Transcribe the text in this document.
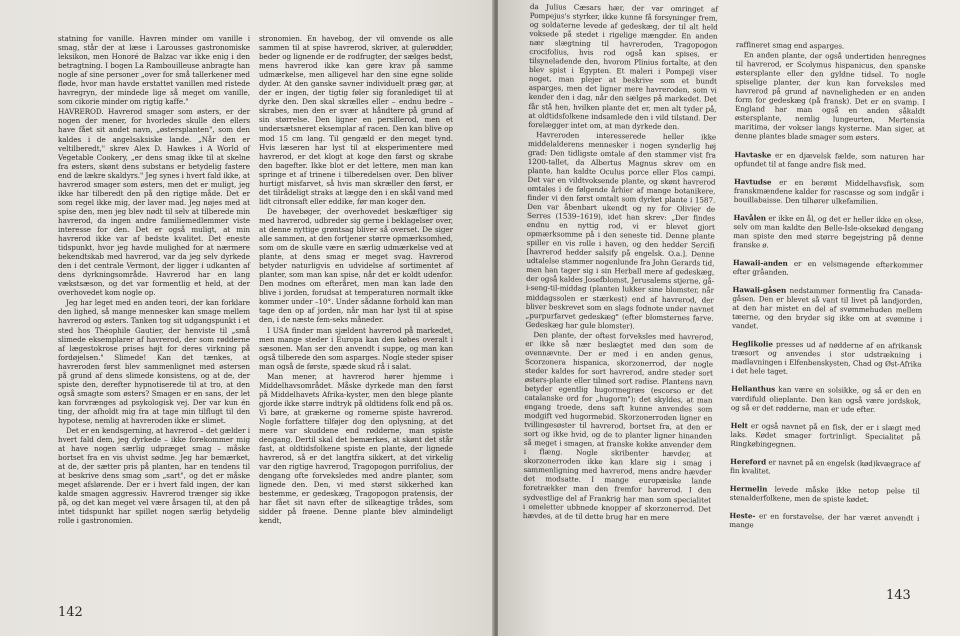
statning for vanille. Havren minder om vanille i smag, står der at læse i Larousses gastronomiske leksikon, men Honoré de Balzac var ikke enig i den betragtning. I bogen La Rambouilleuse anbragte han nogle af sine personer „over for små tallerkener med fløde, hvor man havde erstattet vanillen med ristede havregryn, der mindede lige så meget om vanille, som cikorie minder om rigtig kaffe."

HAVREROD. Havrerod smager som østers, er der nogen der mener, for hvorledes skulle den ellers have fået sit andet navn, „østersplanten", som den kaldes i de angelsaksiske lande. „Når den er veltilberedt," skrev Alex D. Hawkes i A World of Vegetable Cookery, „er dens smag ikke til at skelne fra østers, skønt dens substans er betydelig fastere end de lækre skaldyrs." Jeg synes i hvert fald ikke, at havrerod smager som østers, men det er muligt, jeg ikke har tilberedt den på den rigtige måde. Det er som regel ikke mig, der laver mad. Jeg nøjes med at spise den, men jeg blev nødt til selv at tilberede min havrerod, da ingen andre familiemedlemmer viste interesse for den. Det er også muligt, at min havrerod ikke var af bedste kvalitet. Det eneste tidspunkt, hvor jeg havde mulighed for at nærmere bekendtskab med havrerod, var da jeg selv dyrkede den i det centrale Vermont, der ligger i udkanten af dens dyrkningsområde. Havrerod har en lang vækstsæson, og det var formentlig et held, at der overhovedet kom nogle op.

Jeg har leget med en anden teori, der kan forklare den lighed, så mange mennesker kan smage mellem havrerod og østers. Tanken tog sit udgangspunkt i et sted hos Théophile Gautier, der henviste til „små slimede eksemplarer af havrerod, der som rødderne af lægestokrose prises højt for deres virkning på fordøjelsen." Slimede! Kan det tænkes, at havreroden først blev sammenlignet med østersen på grund af dens slimede konsistens, og at de, der spiste den, derefter hypnotiserede til at tro, at den også smagte som østers? Smagen er en sans, der let kan forvrænges ad psykologisk vej. Der var kun én ting, der afholdt mig fra at tage min tilflugt til den hypotese, nemlig at havreroden ikke er slimet.

Det er en kendsgerning, at havrerod – det gælder i hvert fald dem, jeg dyrkede – ikke forekommer mig at have nogen særlig udpræget smag – måske bortset fra en vis uhvist sødme. Jeg har bemærket, at de, der sætter pris på planten, har en tendens til at beskrive dens smag som „sart", og det er måske meget afslørende. Der er i hvert fald ingen, der kan kalde smagen aggressiv. Havrerod trænger sig ikke på, og det kan meget vel være årsagen til, at den på intet tidspunkt har spillet nogen særlig betydelig rolle i gastronomien.

stronomien. En havebog, der vil omvende os alle sammen til at spise havrerod, skriver, at gulerødder, beder og lignende er de rodfrugter, der sælges bedst, mens havrerod ikke kan gøre krav på samme udmærkelse, men alligevel har den sine egne solide dyder. At den ganske savner individuelt præg gør, at der er ingen, der tigtig føler sig foranlediget til at dyrke den. Den skal skrælles eller – endnu bedre – skrabes, men den er svær at håndtere på grund af sin størrelse. Den ligner en persillerod, men et undersætsneret eksemplar af racen. Den kan blive op mod 15 cm lang. Til gengæld er den meget tynd. Hvis læseren har lyst til at eksperimentere med havrerod, er det klogt at koge den først og skrabe den bagefter. Ikke blot er det lettere, men man kan springe et af trinene i tilberedelsen over. Den bliver hurtigt misfarvet, så hvis man skræller den først, er det tilrådeligt straks at lægge den i en skål vand med lidt citronsaft eller eddike, før man koger den.

De havebøger, der overhovedet beskæftiger sig med havrerod, udbreder sig gerne i beklagelser over, at denne nyttige grøntsag bliver så overset. De siger alle sammen, at den fortjener større opmærksomhed, som om de skulle være en særlig udmærkelse ved at plante, at dens smag er meget svag. Havrerod betyder naturligvis en udvidelse af sortimentet af planter, som man kan spise, når det er koldt udenfor. Den modnes om efteråret, men man kan lade den blive i jorden, forudsat at temperaturen normalt ikke kommer under –10°. Under sådanne forhold kan man tage den op af jorden, når man har lyst til at spise den, i de næste fem-seks måneder.

I USA finder man sjældent havrerod på markedet, men mange steder i Europa kan den købes overalt i sæsonen. Man ser den anvendt i suppe, og man kan også tilberede den som asparges. Nogle steder spiser man også de første, spæde skud rå i salat.

Man mener, at havrerod hører hjemme i Middelhavsområdet. Måske dyrkede man den først på Middelhavets Afrika-kyster, men den blege plante gjorde ikke større indtryk på oldtidens folk end på os. Vi børe, at grækerne og romerne spiste havrerod. Nogle forfattere tilføjer dog den oplysning, at det mere var skuddene end rødderne, man spiste dengang. Dertil skal det bemærkes, at skønt det står fast, at oldtidsfolkene spiste en plante, der lignede havrerod, så er det langtfra sikkert, at det virkelig var den rigtige havrerod, Tragopogon porrifolius, der dengang ofte forveksledes med andre planter, som lignede den. Den, vi med størst sikkerhed kan bestemme, er gedeskæg, Tragopogon pratensis, der har fået sit navn efter de silkeagtige trådes, som sidder på frøene. Denne plante blev almindeligt kendt,

142

da Julius Cæsars hær, der var omringet af Pompejus's styrker, ikke kunne få forsyninger frem, og soldaterne levede af gedeskæg, der til alt held voksede på stedet i rigelige mængder. En anden nær slægtning til havreroden, Tragopogon crocifolius, hvis rod også kan spises, er tilsyneladende den, hvorom Plinius fortalte, at den blev spist i Egypten. Et maleri i Pompeji viser noget, man plejer at beskrive som et bundt asparges, men det ligner mere havreroden, som vi kender den i dag, når den sælges på markedet. Det får stå hen, hvilken plante det er, men alt tyder på, at oldtidsfolkene indsamlede den i vild tilstand. Der forelægger intet om, at man dyrkede den.

Havreroden interesserede heller ikke middelalderens mennesker i nogen synderlig høj grad: Den tidligste omtale af den stammer vist fra 1200-tallet, da Albertus Magnus skrev om en plante, han kaldte Oculus porce eller Flos campi. Det var en vildtvoksende plante, og skønt havrerod omtales i de følgende århier af mange botanikere, finder vi den først omtalt som dyrket plante i 1587. Den var åbenbart ukendt og ny for Olivier de Serres (1539–1619), idet han skrev: „Der findes endnu en nyttig rod, vi er blevet gjort opmærksomme på i den seneste tid. Denne plante spiller en vis rolle i haven, og den hedder Sercifi [havrerod hedder salsify på engelsk. O.a.]. Denne udtalelse stammer nogenlunde fra John Gerards tid, men han tager sig i sin Herball mere af gedeskæg, der også kaldes Josefblomst, Jerusalems stjerne, gå-i-seng-til-middag (planten lukker sine blomster, når middagssolen er stærkest) end af havrerod, der bliver beskrevet som en slags fodnote under navnet „purpurfarvet gedeskæg" (efter blomsternes farve. Gedeskæg har gule blomster).

Den plante, der oftest forveksles med havrerod, er ikke så nær beslægtet med den som de ovennævnte. Der er med i en anden genus, Scorzonera hispanica, skorzonerrod, der nogle steder kaldes for sort havrerod, andre steder sort østers-plante eller tilmed sort radise. Plantens navn betyder egentlig hugormegræs (escorso er det catalanske ord for „hugorm"); det skyldes, at man engang troede, dens saft kunne anvendes som modgift ved hugormebid. Skorzonerroden ligner en tvillingesøster til havrerod, bortset fra, at den er sort og ikke hvid, og de to planter ligner hinanden så meget i smagen, at franske kokke anvender dem i flæng. Nogle skribenter hævder, at skorzonerroden ikke kan klare sig i smag i sammenligning med havrerod, mens andre hævder det modsatte. I mange europæiske lande foretrækker man den fremfor havrerod. I den sydvestlige del af Frankrig har man som specialitet i omeletter ubbnede knopper af skorzonerrod. Det hævdes, at de til dette brug har en mere

raffineret smag end asparges.

En anden plante, der også undertiden henregnes til havrerod, er Scolymus hispanicus, den spanske østersplante eller den gyldne tidsel. To nogle spiselige planter, der kun kan forveksles med havrerod på grund af navneligheden er en anden form for gedeskæg (på fransk). Det er en svamp. I England har man også en anden såkaldt østersplante, nemlig lungeurten, Mertensia maritima, der vokser langs kysterne. Man siger, at denne plantes blade smager som østers.

Havtaske er en djævelsk fælde, som naturen har opfundet til at fange andre fisk med.

Havtudse er en berømt Middelhavsfisk, som franskmændene kalder for rascasse og som indgår i bouillabaisse. Den tilhører ulkefamilien.

Havålen er ikke en ål, og det er heller ikke en okse, selv om man kaldte den Belle-Isle-oksekød dengang man spiste den med større begejstring på denne franske ø.

Hawaii-anden er en velsmagende efterkommer efter gråanden.

Hawaii-gåsen nedstammer formentlig fra Canada-gåsen. Den er blevet så vant til livet på landjorden, at den har mistet en del af svømmehuden mellem tæerne, og den bryder sig ikke om at svømme i vandet.

Heglikolie presses ud af nødderne af en afrikansk træsort og anvendes i stor udstrækning i madlavningen i Elfenbenskysten, Chad og Øst-Afrika i det hele taget.

Helianthus kan være en solsikke, og så er den en værdifuld olieplante. Den kan også være jordskok, og så er det rødderne, man er ude efter.

Helt er også navnet på en fisk, der er i slægt med laks. Kødet smager fortrinligt. Specialitet på Ringkøbingegnen.

Hereford er navnet på en engelsk (kød)kvægrace af fin kvalitet.

Hermelin levede måske ikke netop pelse til stenalderfolkene, men de spiste kødet.

Heste- er en forstavelse, der har været anvendt i mange

143
